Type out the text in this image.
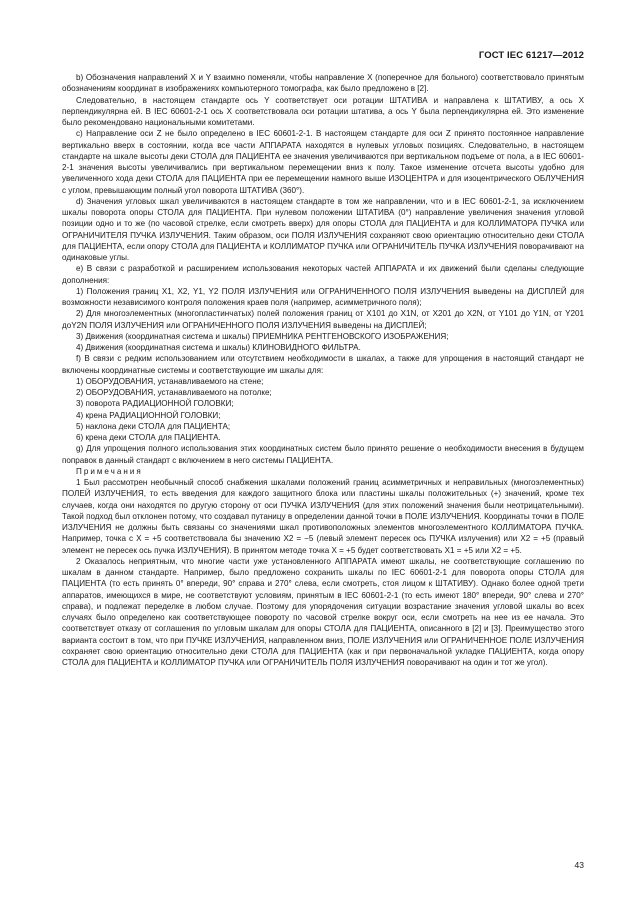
ГОСТ IEC 61217—2012

b) Обозначения направлений X и Y взаимно поменяли, чтобы направление X (поперечное для больного) соответствовало принятым обозначениям координат в изображениях компьютерного томографа, как было предложено в [2].

Следовательно, в настоящем стандарте ось Y соответствует оси ротации ШТАТИВА и направлена к ШТАТИВУ, а ось X перпендикулярна ей. В IEC 60601-2-1 ось X соответствовала оси ротации штатива, а ось Y была перпендикулярна ей. Это изменение было рекомендовано национальными комитетами.

c) Направление оси Z не было определено в IEC 60601-2-1. В настоящем стандарте для оси Z принято постоянное направление вертикально вверх в состоянии, когда все части АППАРАТА находятся в нулевых угловых позициях. Следовательно, в настоящем стандарте на шкале высоты деки СТОЛА для ПАЦИЕНТА ее значения увеличиваются при вертикальном подъеме от пола, а в IEC 60601-2-1 значения высоты увеличивались при вертикальном перемещении вниз к полу. Такое изменение отсчета высоты удобно для увеличенного хода деки СТОЛА для ПАЦИЕНТА при ее перемещении намного выше ИЗОЦЕНТРА и для изоцентрического ОБЛУЧЕНИЯ с углом, превышающим полный угол поворота ШТАТИВА (360°).

d) Значения угловых шкал увеличиваются в настоящем стандарте в том же направлении, что и в IEC 60601-2-1, за исключением шкалы поворота опоры СТОЛА для ПАЦИЕНТА. При нулевом положении ШТАТИВА (0°) направление увеличения значения угловой позиции одно и то же (по часовой стрелке, если смотреть вверх) для опоры СТОЛА для ПАЦИЕНТА и для КОЛЛИМАТОРА ПУЧКА или ОГРАНИЧИТЕЛЯ ПУЧКА ИЗЛУЧЕНИЯ. Таким образом, оси ПОЛЯ ИЗЛУЧЕНИЯ сохраняют свою ориентацию относительно деки СТОЛА для ПАЦИЕНТА, если опору СТОЛА для ПАЦИЕНТА и КОЛЛИМАТОР ПУЧКА или ОГРАНИЧИТЕЛЬ ПУЧКА ИЗЛУЧЕНИЯ поворачивают на одинаковые углы.

e) В связи с разработкой и расширением использования некоторых частей АППАРАТА и их движений были сделаны следующие дополнения:

1) Положения границ X1, X2, Y1, Y2 ПОЛЯ ИЗЛУЧЕНИЯ или ОГРАНИЧЕННОГО ПОЛЯ ИЗЛУЧЕНИЯ выведены на ДИСПЛЕЙ для возможности независимого контроля положения краев поля (например, асимметричного поля);

2) Для многоэлементных (многопластинчатых) полей положения границ от X101 до X1N, от X201 до X2N, от Y101 до Y1N, от Y201 доY2N ПОЛЯ ИЗЛУЧЕНИЯ или ОГРАНИЧЕННОГО ПОЛЯ ИЗЛУЧЕНИЯ выведены на ДИСПЛЕЙ;

3) Движения (координатная система и шкалы) ПРИЕМНИКА РЕНТГЕНОВСКОГО ИЗОБРАЖЕНИЯ;

4) Движения (координатная система и шкалы) КЛИНОВИДНОГО ФИЛЬТРА.

f) В связи с редким использованием или отсутствием необходимости в шкалах, а также для упрощения в настоящий стандарт не включены координатные системы и соответствующие им шкалы для:

1) ОБОРУДОВАНИЯ, устанавливаемого на стене;

2) ОБОРУДОВАНИЯ, устанавливаемого на потолке;

3) поворота РАДИАЦИОННОЙ ГОЛОВКИ;

4) крена РАДИАЦИОННОЙ ГОЛОВКИ;

5) наклона деки СТОЛА для ПАЦИЕНТА;

6) крена деки СТОЛА для ПАЦИЕНТА.

g) Для упрощения полного использования этих координатных систем было принято решение о необходимости внесения в будущем поправок в данный стандарт с включением в него системы ПАЦИЕНТА.

Примечания

1 Был рассмотрен необычный способ снабжения шкалами положений границ асимметричных и неправильных (многоэлементных) ПОЛЕЙ ИЗЛУЧЕНИЯ, то есть введения для каждого защитного блока или пластины шкалы положительных (+) значений, кроме тех случаев, когда они находятся по другую сторону от оси ПУЧКА ИЗЛУЧЕНИЯ (для этих положений значения были неотрицательными). Такой подход был отклонен потому, что создавал путаницу в определении данной точки в ПОЛЕ ИЗЛУЧЕНИЯ. Координаты точки в ПОЛЕ ИЗЛУЧЕНИЯ не должны быть связаны со значениями шкал противоположных элементов многоэлементного КОЛЛИМАТОРА ПУЧКА. Например, точка с X = +5 соответствовала бы значению X2 = −5 (левый элемент пересек ось ПУЧКА излучения) или X2 = +5 (правый элемент не пересек ось пучка ИЗЛУЧЕНИЯ). В принятом методе точка X = +5 будет соответствовать X1 = +5 или X2 = +5.

2 Оказалось неприятным, что многие части уже установленного АППАРАТА имеют шкалы, не соответствующие соглашению по шкалам в данном стандарте. Например, было предложено сохранить шкалы по IEC 60601-2-1 для поворота опоры СТОЛА для ПАЦИЕНТА (то есть принять 0° впереди, 90° справа и 270° слева, если смотреть, стоя лицом к ШТАТИВУ). Однако более одной трети аппаратов, имеющихся в мире, не соответствуют условиям, принятым в IEC 60601-2-1 (то есть имеют 180° впереди, 90° слева и 270° справа), и подлежат переделке в любом случае. Поэтому для упорядочения ситуации возрастание значения угловой шкалы во всех случаях было определено как соответствующее повороту по часовой стрелке вокруг оси, если смотреть на нее из ее начала. Это соответствует отказу от соглашения по угловым шкалам для опоры СТОЛА для ПАЦИЕНТА, описанного в [2] и [3]. Преимущество этого варианта состоит в том, что при ПУЧКЕ ИЗЛУЧЕНИЯ, направленном вниз, ПОЛЕ ИЗЛУЧЕНИЯ или ОГРАНИЧЕННОЕ ПОЛЕ ИЗЛУЧЕНИЯ сохраняет свою ориентацию относительно деки СТОЛА для ПАЦИЕНТА (как и при первоначальной укладке ПАЦИЕНТА, когда опору СТОЛА для ПАЦИЕНТА и КОЛЛИМАТОР ПУЧКА или ОГРАНИЧИТЕЛЬ ПОЛЯ ИЗЛУЧЕНИЯ поворачивают на один и тот же угол).

43
